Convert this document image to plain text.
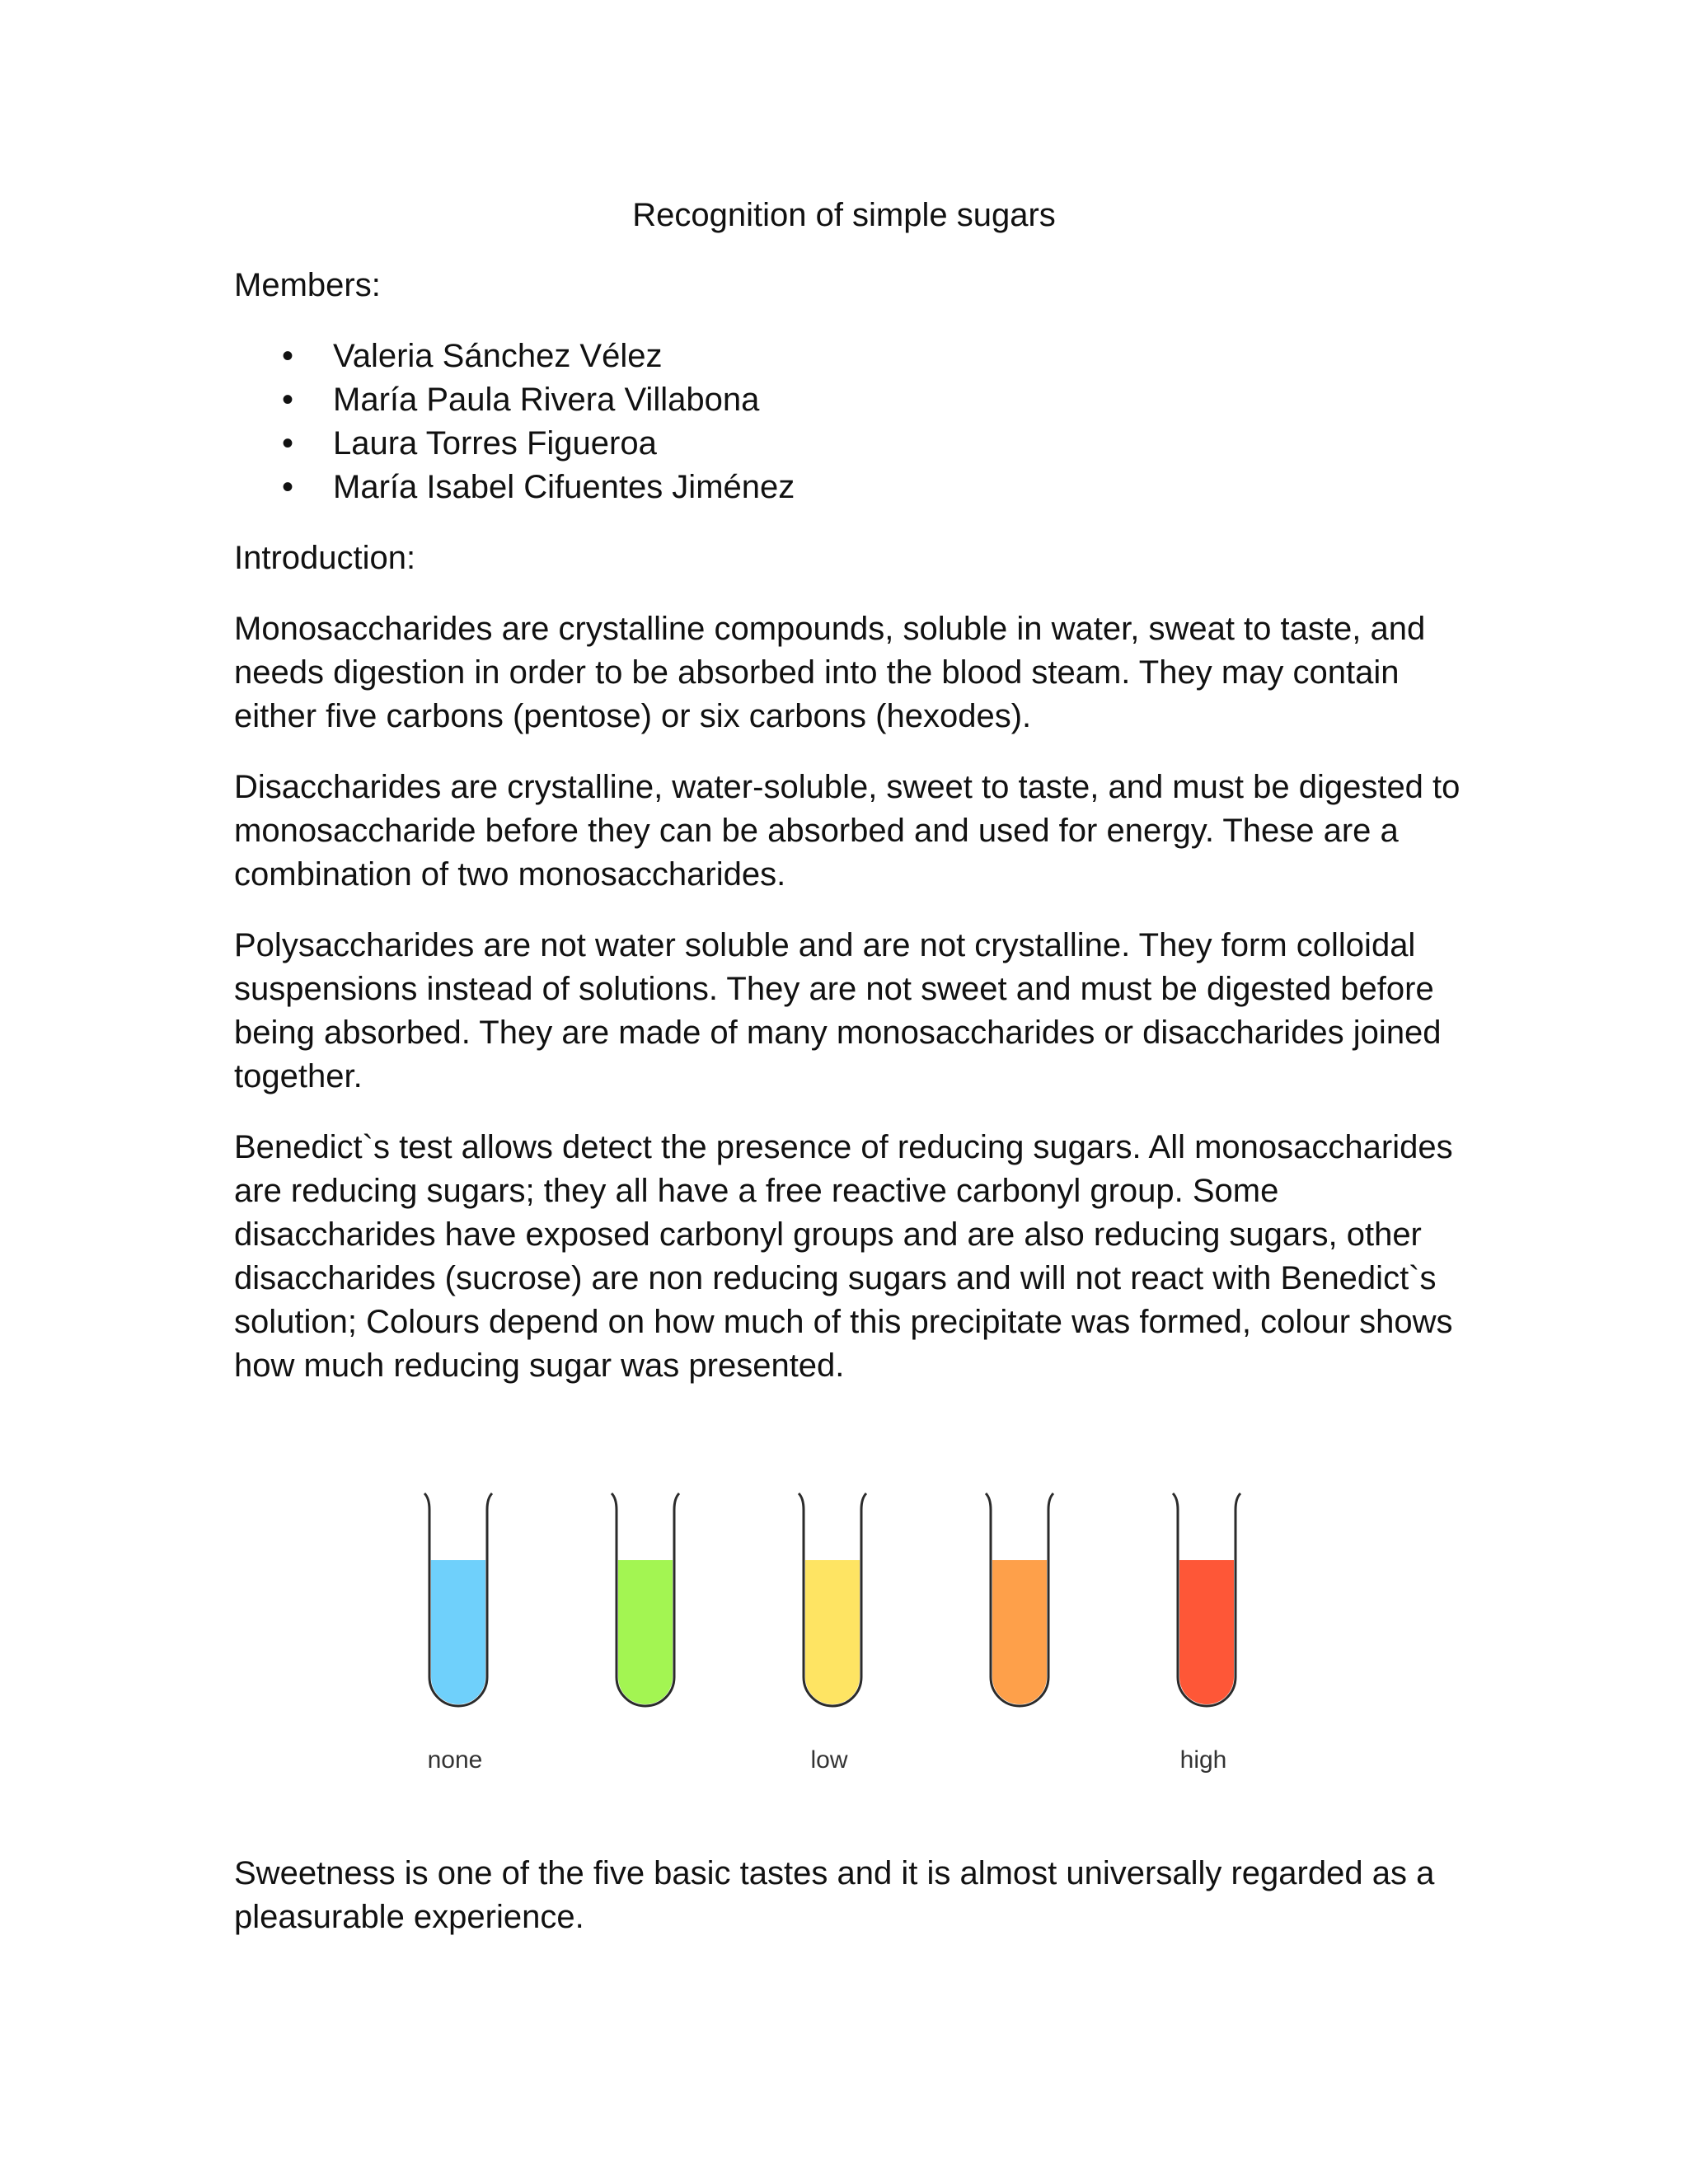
Recognition of simple sugars

Members:

• Valeria Sánchez Vélez
• María Paula Rivera Villabona
• Laura Torres Figueroa
• María Isabel Cifuentes Jiménez

Introduction:

Monosaccharides are crystalline compounds, soluble in water, sweat to taste, and needs digestion in order to be absorbed into the blood steam. They may contain either five carbons (pentose) or six carbons (hexodes).

Disaccharides are crystalline, water-soluble, sweet to taste, and must be digested to monosaccharide before they can be absorbed and used for energy. These are a combination of two monosaccharides.

Polysaccharides are not water soluble and are not crystalline. They form colloidal suspensions instead of solutions. They are not sweet and must be digested before being absorbed. They are made of many monosaccharides or disaccharides joined together.

Benedict`s test allows detect the presence of reducing sugars. All monosaccharides are reducing sugars; they all have a free reactive carbonyl group. Some disaccharides have exposed carbonyl groups and are also reducing sugars, other disaccharides (sucrose) are non reducing sugars and will not react with Benedict`s solution; Colours depend on how much of this precipitate was formed, colour shows how much reducing sugar was presented.

none	low	high

Sweetness is one of the five basic tastes and it is almost universally regarded as a pleasurable experience.
